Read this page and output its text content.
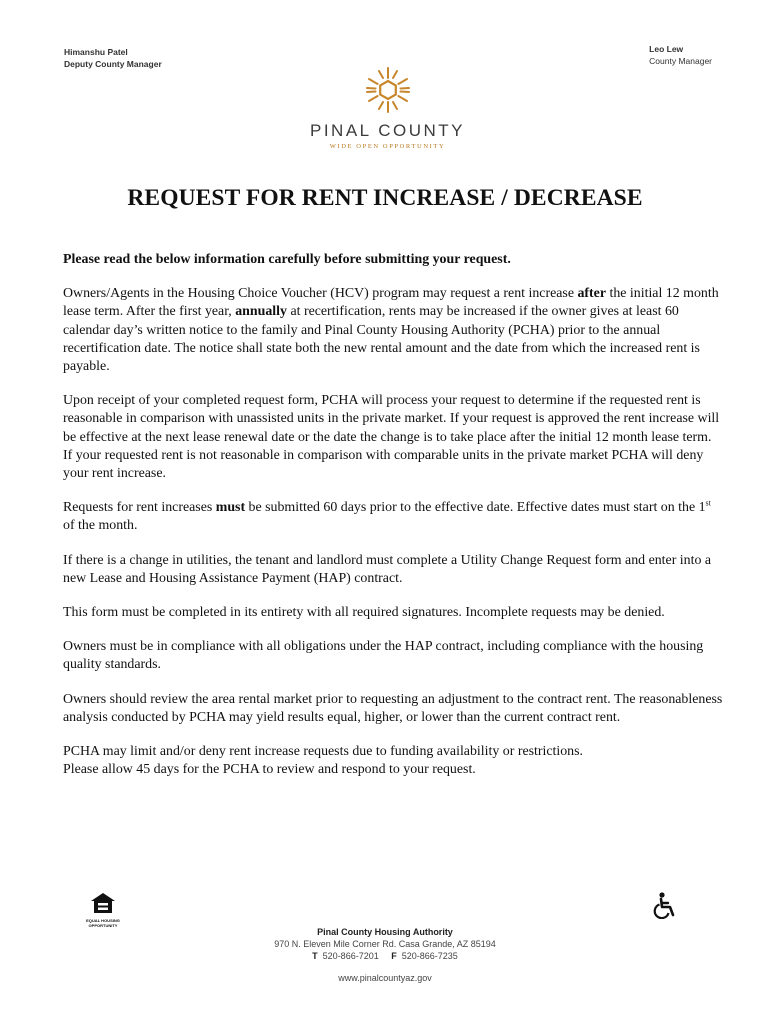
Himanshu Patel
Deputy County Manager
Leo Lew
County Manager
PINAL COUNTY
WIDE OPEN OPPORTUNITY
REQUEST FOR RENT INCREASE / DECREASE

Please read the below information carefully before submitting your request.

Owners/Agents in the Housing Choice Voucher (HCV) program may request a rent increase after the initial 12 month lease term. After the first year, annually at recertification, rents may be increased if the owner gives at least 60 calendar day’s written notice to the family and Pinal County Housing Authority (PCHA) prior to the annual recertification date. The notice shall state both the new rental amount and the date from which the increased rent is payable.

Upon receipt of your completed request form, PCHA will process your request to determine if the requested rent is reasonable in comparison with unassisted units in the private market. If your request is approved the rent increase will be effective at the next lease renewal date or the date the change is to take place after the initial 12 month lease term. If your requested rent is not reasonable in comparison with comparable units in the private market PCHA will deny your rent increase.

Requests for rent increases must be submitted 60 days prior to the effective date. Effective dates must start on the 1st of the month.

If there is a change in utilities, the tenant and landlord must complete a Utility Change Request form and enter into a new Lease and Housing Assistance Payment (HAP) contract.

This form must be completed in its entirety with all required signatures. Incomplete requests may be denied.

Owners must be in compliance with all obligations under the HAP contract, including compliance with the housing quality standards.

Owners should review the area rental market prior to requesting an adjustment to the contract rent. The reasonableness analysis conducted by PCHA may yield results equal, higher, or lower than the current contract rent.

PCHA may limit and/or deny rent increase requests due to funding availability or restrictions.
Please allow 45 days for the PCHA to review and respond to your request.

EQUAL HOUSING
OPPORTUNITY
Pinal County Housing Authority
970 N. Eleven Mile Corner Rd. Casa Grande, AZ 85194
T 520-866-7201 F 520-866-7235
www.pinalcountyaz.gov
